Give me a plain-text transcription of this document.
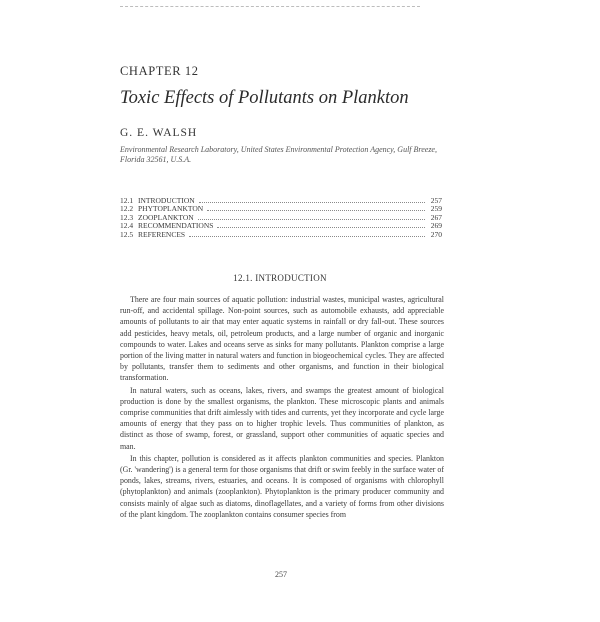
CHAPTER 12
Toxic Effects of Pollutants on Plankton
G. E. WALSH
Environmental Research Laboratory, United States Environmental Protection Agency, Gulf Breeze, Florida 32561, U.S.A.
12.1 INTRODUCTION	257
12.2 PHYTOPLANKTON	259
12.3 ZOOPLANKTON	267
12.4 RECOMMENDATIONS	269
12.5 REFERENCES	270
12.1. INTRODUCTION

There are four main sources of aquatic pollution: industrial wastes, municipal wastes, agricultural run-off, and accidental spillage. Non-point sources, such as automobile exhausts, add appreciable amounts of pollutants to air that may enter aquatic systems in rainfall or dry fall-out. These sources add pesticides, heavy metals, oil, petroleum products, and a large number of organic and inorganic compounds to water. Lakes and oceans serve as sinks for many pollutants. Plankton comprise a large portion of the living matter in natural waters and function in biogeochemical cycles. They are affected by pollutants, transfer them to sediments and other organisms, and function in their biological transformation.

In natural waters, such as oceans, lakes, rivers, and swamps the greatest amount of biological production is done by the smallest organisms, the plankton. These microscopic plants and animals comprise communities that drift aimlessly with tides and currents, yet they incorporate and cycle large amounts of energy that they pass on to higher trophic levels. Thus communities of plankton, as distinct as those of swamp, forest, or grassland, support other communities of aquatic species and man.

In this chapter, pollution is considered as it affects plankton communities and species. Plankton (Gr. 'wandering') is a general term for those organisms that drift or swim feebly in the surface water of ponds, lakes, streams, rivers, estuaries, and oceans. It is composed of organisms with chlorophyll (phytoplankton) and animals (zooplankton). Phytoplankton is the primary producer community and consists mainly of algae such as diatoms, dinoflagellates, and a variety of forms from other divisions of the plant kingdom. The zooplankton contains consumer species from

257
